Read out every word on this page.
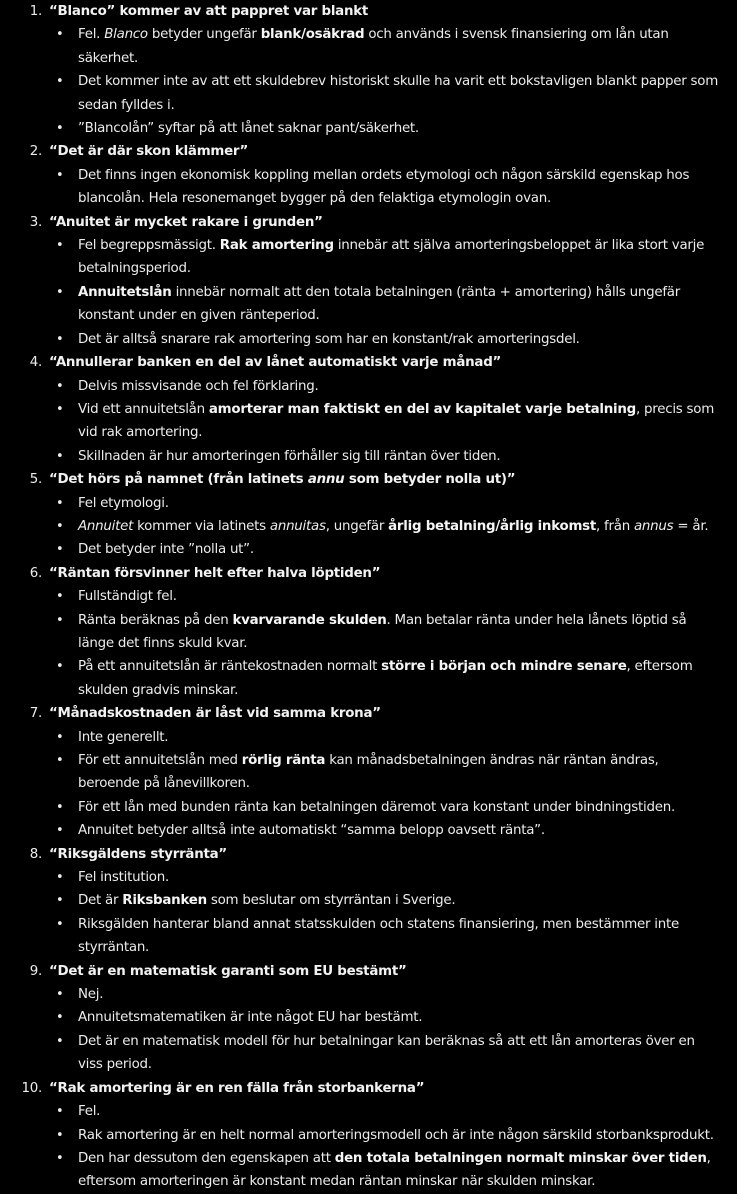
1. “Blanco” kommer av att pappret var blankt
• Fel. Blanco betyder ungefär blank/osäkrad och används i svensk finansiering om lån utan säkerhet.
• Det kommer inte av att ett skuldebrev historiskt skulle ha varit ett bokstavligen blankt papper som sedan fylldes i.
• ”Blancolån” syftar på att lånet saknar pant/säkerhet.
2. “Det är där skon klämmer”
• Det finns ingen ekonomisk koppling mellan ordets etymologi och någon särskild egenskap hos blancolån. Hela resonemanget bygger på den felaktiga etymologin ovan.
3. “Anuitet är mycket rakare i grunden”
• Fel begreppsmässigt. Rak amortering innebär att själva amorteringsbeloppet är lika stort varje betalningsperiod.
• Annuitetslån innebär normalt att den totala betalningen (ränta + amortering) hålls ungefär konstant under en given ränteperiod.
• Det är alltså snarare rak amortering som har en konstant/rak amorteringsdel.
4. “Annullerar banken en del av lånet automatiskt varje månad”
• Delvis missvisande och fel förklaring.
• Vid ett annuitetslån amorterar man faktiskt en del av kapitalet varje betalning, precis som vid rak amortering.
• Skillnaden är hur amorteringen förhåller sig till räntan över tiden.
5. “Det hörs på namnet (från latinets annu som betyder nolla ut)”
• Fel etymologi.
• Annuitet kommer via latinets annuitas, ungefär årlig betalning/årlig inkomst, från annus = år.
• Det betyder inte ”nolla ut”.
6. “Räntan försvinner helt efter halva löptiden”
• Fullständigt fel.
• Ränta beräknas på den kvarvarande skulden. Man betalar ränta under hela lånets löptid så länge det finns skuld kvar.
• På ett annuitetslån är räntekostnaden normalt större i början och mindre senare, eftersom skulden gradvis minskar.
7. “Månadskostnaden är låst vid samma krona”
• Inte generellt.
• För ett annuitetslån med rörlig ränta kan månadsbetalningen ändras när räntan ändras, beroende på lånevillkoren.
• För ett lån med bunden ränta kan betalningen däremot vara konstant under bindningstiden.
• Annuitet betyder alltså inte automatiskt “samma belopp oavsett ränta”.
8. “Riksgäldens styrränta”
• Fel institution.
• Det är Riksbanken som beslutar om styrräntan i Sverige.
• Riksgälden hanterar bland annat statsskulden och statens finansiering, men bestämmer inte styrräntan.
9. “Det är en matematisk garanti som EU bestämt”
• Nej.
• Annuitetsmatematiken är inte något EU har bestämt.
• Det är en matematisk modell för hur betalningar kan beräknas så att ett lån amorteras över en viss period.
10. “Rak amortering är en ren fälla från storbankerna”
• Fel.
• Rak amortering är en helt normal amorteringsmodell och är inte någon särskild storbanksprodukt.
• Den har dessutom den egenskapen att den totala betalningen normalt minskar över tiden, eftersom amorteringen är konstant medan räntan minskar när skulden minskar.
